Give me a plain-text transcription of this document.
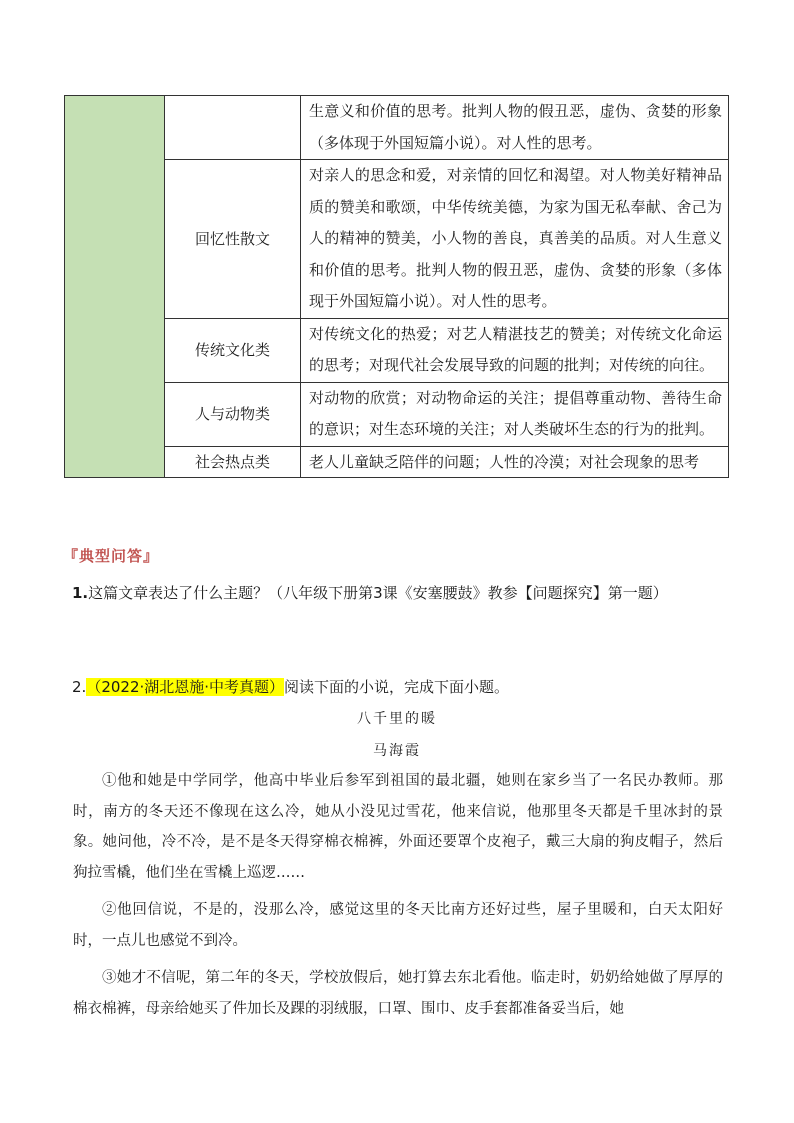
		生意义和价值的思考。批判人物的假丑恶，虚伪、贪婪的形象（多体现于外国短篇小说）。对人性的思考。
	回忆性散文	对亲人的思念和爱，对亲情的回忆和渴望。对人物美好精神品质的赞美和歌颂，中华传统美德，为家为国无私奉献、舍己为人的精神的赞美，小人物的善良，真善美的品质。对人生意义和价值的思考。批判人物的假丑恶，虚伪、贪婪的形象（多体现于外国短篇小说）。对人性的思考。
	传统文化类	对传统文化的热爱；对艺人精湛技艺的赞美；对传统文化命运的思考；对现代社会发展导致的问题的批判；对传统的向往。
	人与动物类	对动物的欣赏；对动物命运的关注；提倡尊重动物、善待生命的意识；对生态环境的关注；对人类破坏生态的行为的批判。
	社会热点类	老人儿童缺乏陪伴的问题；人性的冷漠；对社会现象的思考
『典型问答』
1.这篇文章表达了什么主题？（八年级下册第3课《安塞腰鼓》教参【问题探究】第一题）
2.（2022·湖北恩施·中考真题）阅读下面的小说，完成下面小题。
八千里的暖
马海霞

①他和她是中学同学，他高中毕业后参军到祖国的最北疆，她则在家乡当了一名民办教师。那时，南方的冬天还不像现在这么冷，她从小没见过雪花，他来信说，他那里冬天都是千里冰封的景象。她问他，冷不冷，是不是冬天得穿棉衣棉裤，外面还要罩个皮袍子，戴三大扇的狗皮帽子，然后狗拉雪橇，他们坐在雪橇上巡逻……

②他回信说，不是的，没那么冷，感觉这里的冬天比南方还好过些，屋子里暖和，白天太阳好时，一点儿也感觉不到冷。

③她才不信呢，第二年的冬天，学校放假后，她打算去东北看他。临走时，奶奶给她做了厚厚的棉衣棉裤，母亲给她买了件加长及踝的羽绒服，口罩、围巾、皮手套都准备妥当后，她
